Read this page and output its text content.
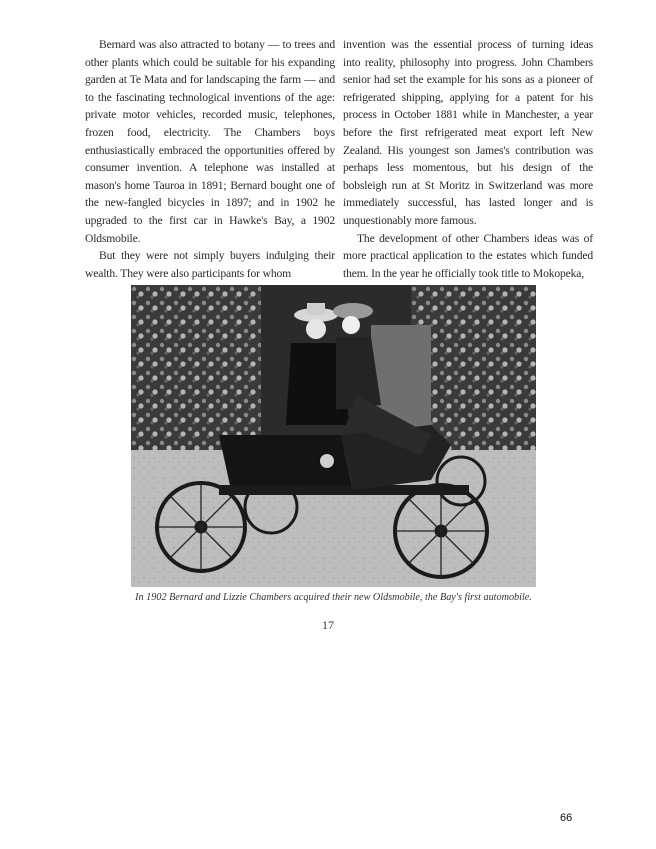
Bernard was also attracted to botany — to trees and other plants which could be suitable for his expanding garden at Te Mata and for landscaping the farm — and to the fascinating technological inventions of the age: private motor vehicles, recorded music, telephones, frozen food, electricity. The Chambers boys enthusiastically embraced the opportunities offered by consumer invention. A telephone was installed at mason's home Tauroa in 1891; Bernard bought one of the new-fangled bicycles in 1897; and in 1902 he upgraded to the first car in Hawke's Bay, a 1902 Oldsmobile.

But they were not simply buyers indulging their wealth. They were also participants for whom

invention was the essential process of turning ideas into reality, philosophy into progress. John Chambers senior had set the example for his sons as a pioneer of refrigerated shipping, applying for a patent for his process in October 1881 while in Manchester, a year before the first refrigerated meat export left New Zealand. His youngest son James's contribution was perhaps less momentous, but his design of the bobsleigh run at St Moritz in Switzerland was more immediately successful, has lasted longer and is unquestionably more famous.

The development of other Chambers ideas was of more practical application to the estates which funded them. In the year he officially took title to Mokopeka,

In 1902 Bernard and Lizzie Chambers acquired their new Oldsmobile, the Bay's first automobile.
17
66
